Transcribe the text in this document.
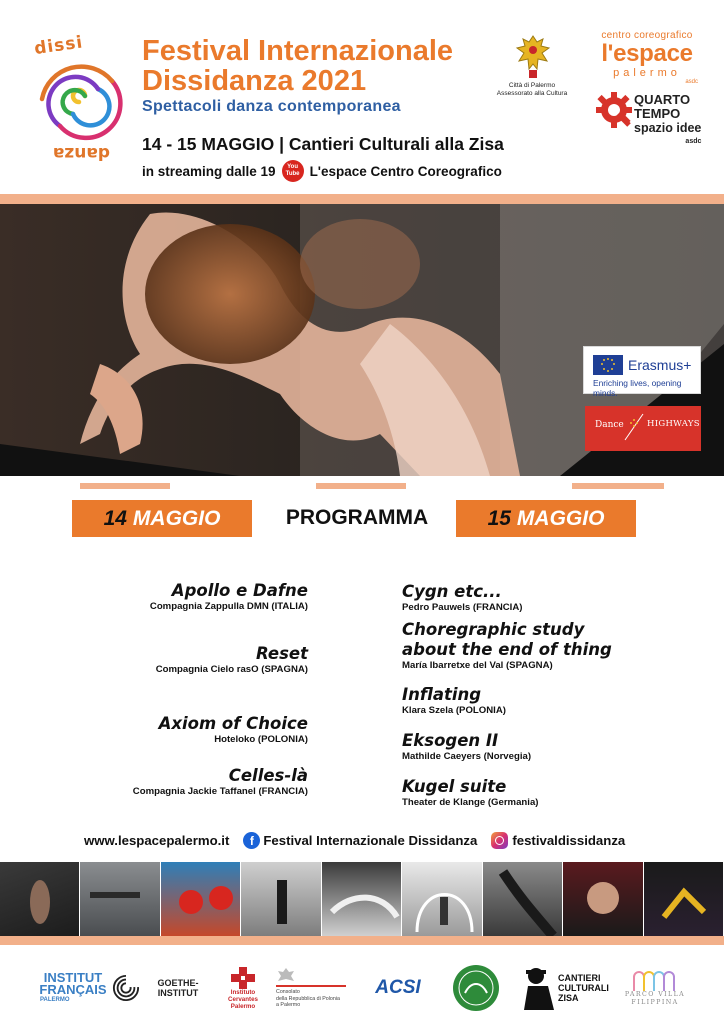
dissi
danza
Festival Internazionale
Dissidanza 2021
Spettacoli danza contemporanea
14 - 15 MAGGIO | Cantieri Culturali alla Zisa
in streaming dalle 19	You
Tube L'espace Centro Coreografico
Città di Palermo
Assessorato alla Cultura
centro coreografico
l'espace
palermo
asdc
QUARTO
TEMPO
spazio idee
asdc
Erasmus+
Enriching lives, opening minds.
Dance	HIGHWAYS
14 MAGGIO	PROGRAMMA	15 MAGGIO
Apollo e Dafne
Compagnia Zappulla DMN (ITALIA)
Reset
Compagnia Cielo rasO (SPAGNA)
Axiom of Choice
Hoteloko (POLONIA)
Celles-là
Compagnia Jackie Taffanel (FRANCIA)
Cygn etc...
Pedro Pauwels (FRANCIA)
Choregraphic study
about the end of thing
María Ibarretxe del Val (SPAGNA)
Inflating
Klara Szela (POLONIA)
Eksogen II
Mathilde Caeyers (Norvegia)
Kugel suite
Theater de Klange (Germania)
www.lespacepalermo.it	f Festival Internazionale Dissidanza	festivaldissidanza
INSTITUT
FRANÇAIS
PALERMO
GOETHE-INSTITUT	Instituto
Cervantes
Palermo
Consolato
della Repubblica di Polonia
a Palermo
ACSI	CANTIERI
CULTURALI
ZISA	PARCO VILLA
FILIPPINA
